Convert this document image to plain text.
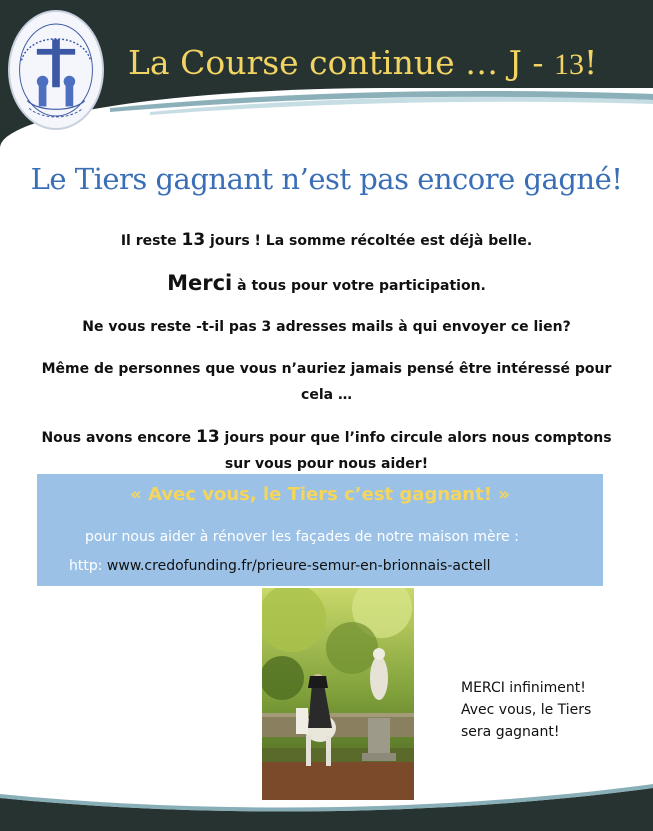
La Course continue … J - 13!
Le Tiers gagnant n’est pas encore gagné!
Il reste 13 jours ! La somme récoltée est déjà belle.
Merci à tous pour votre participation.
Ne vous reste -t-il pas 3 adresses mails à qui envoyer ce lien?
Même de personnes que vous n’auriez jamais pensé être intéressé pour
cela …
Nous avons encore 13 jours pour que l’info circule alors nous comptons
sur vous pour nous aider!
« Avec vous, le Tiers c’est gagnant! »
pour nous aider à rénover les façades de notre maison mère :
http: www.credofunding.fr/prieure-semur-en-brionnais-actell
MERCI infiniment!
Avec vous, le Tiers
sera gagnant!
